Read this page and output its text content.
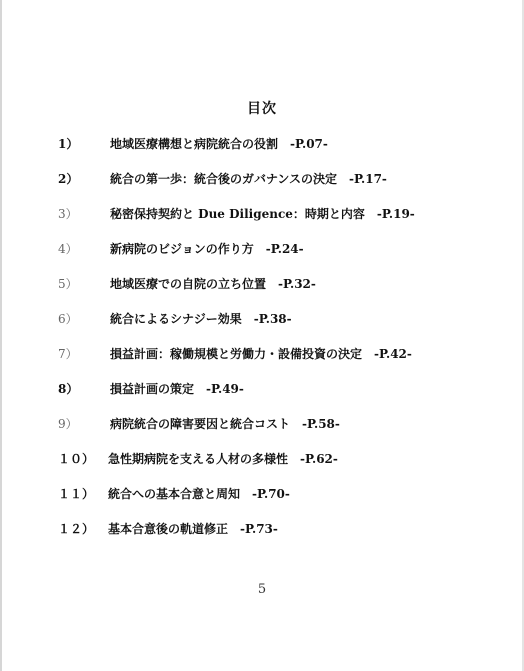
目次
1）	地域医療構想と病院統合の役割　-P.07-
2）	統合の第一歩：統合後のガバナンスの決定　-P.17-
3）	秘密保持契約と Due Diligence：時期と内容　-P.19-
4）	新病院のビジョンの作り方　-P.24-
5）	地域医療での自院の立ち位置　-P.32-
6）	統合によるシナジー効果　-P.38-
7）	損益計画：稼働規模と労働力・設備投資の決定　-P.42-
8）	損益計画の策定　-P.49-
9）	病院統合の障害要因と統合コスト　-P.58-
１０） 急性期病院を支える人材の多様性　-P.62-
１１） 統合への基本合意と周知　-P.70-
１２） 基本合意後の軌道修正　-P.73-
5
